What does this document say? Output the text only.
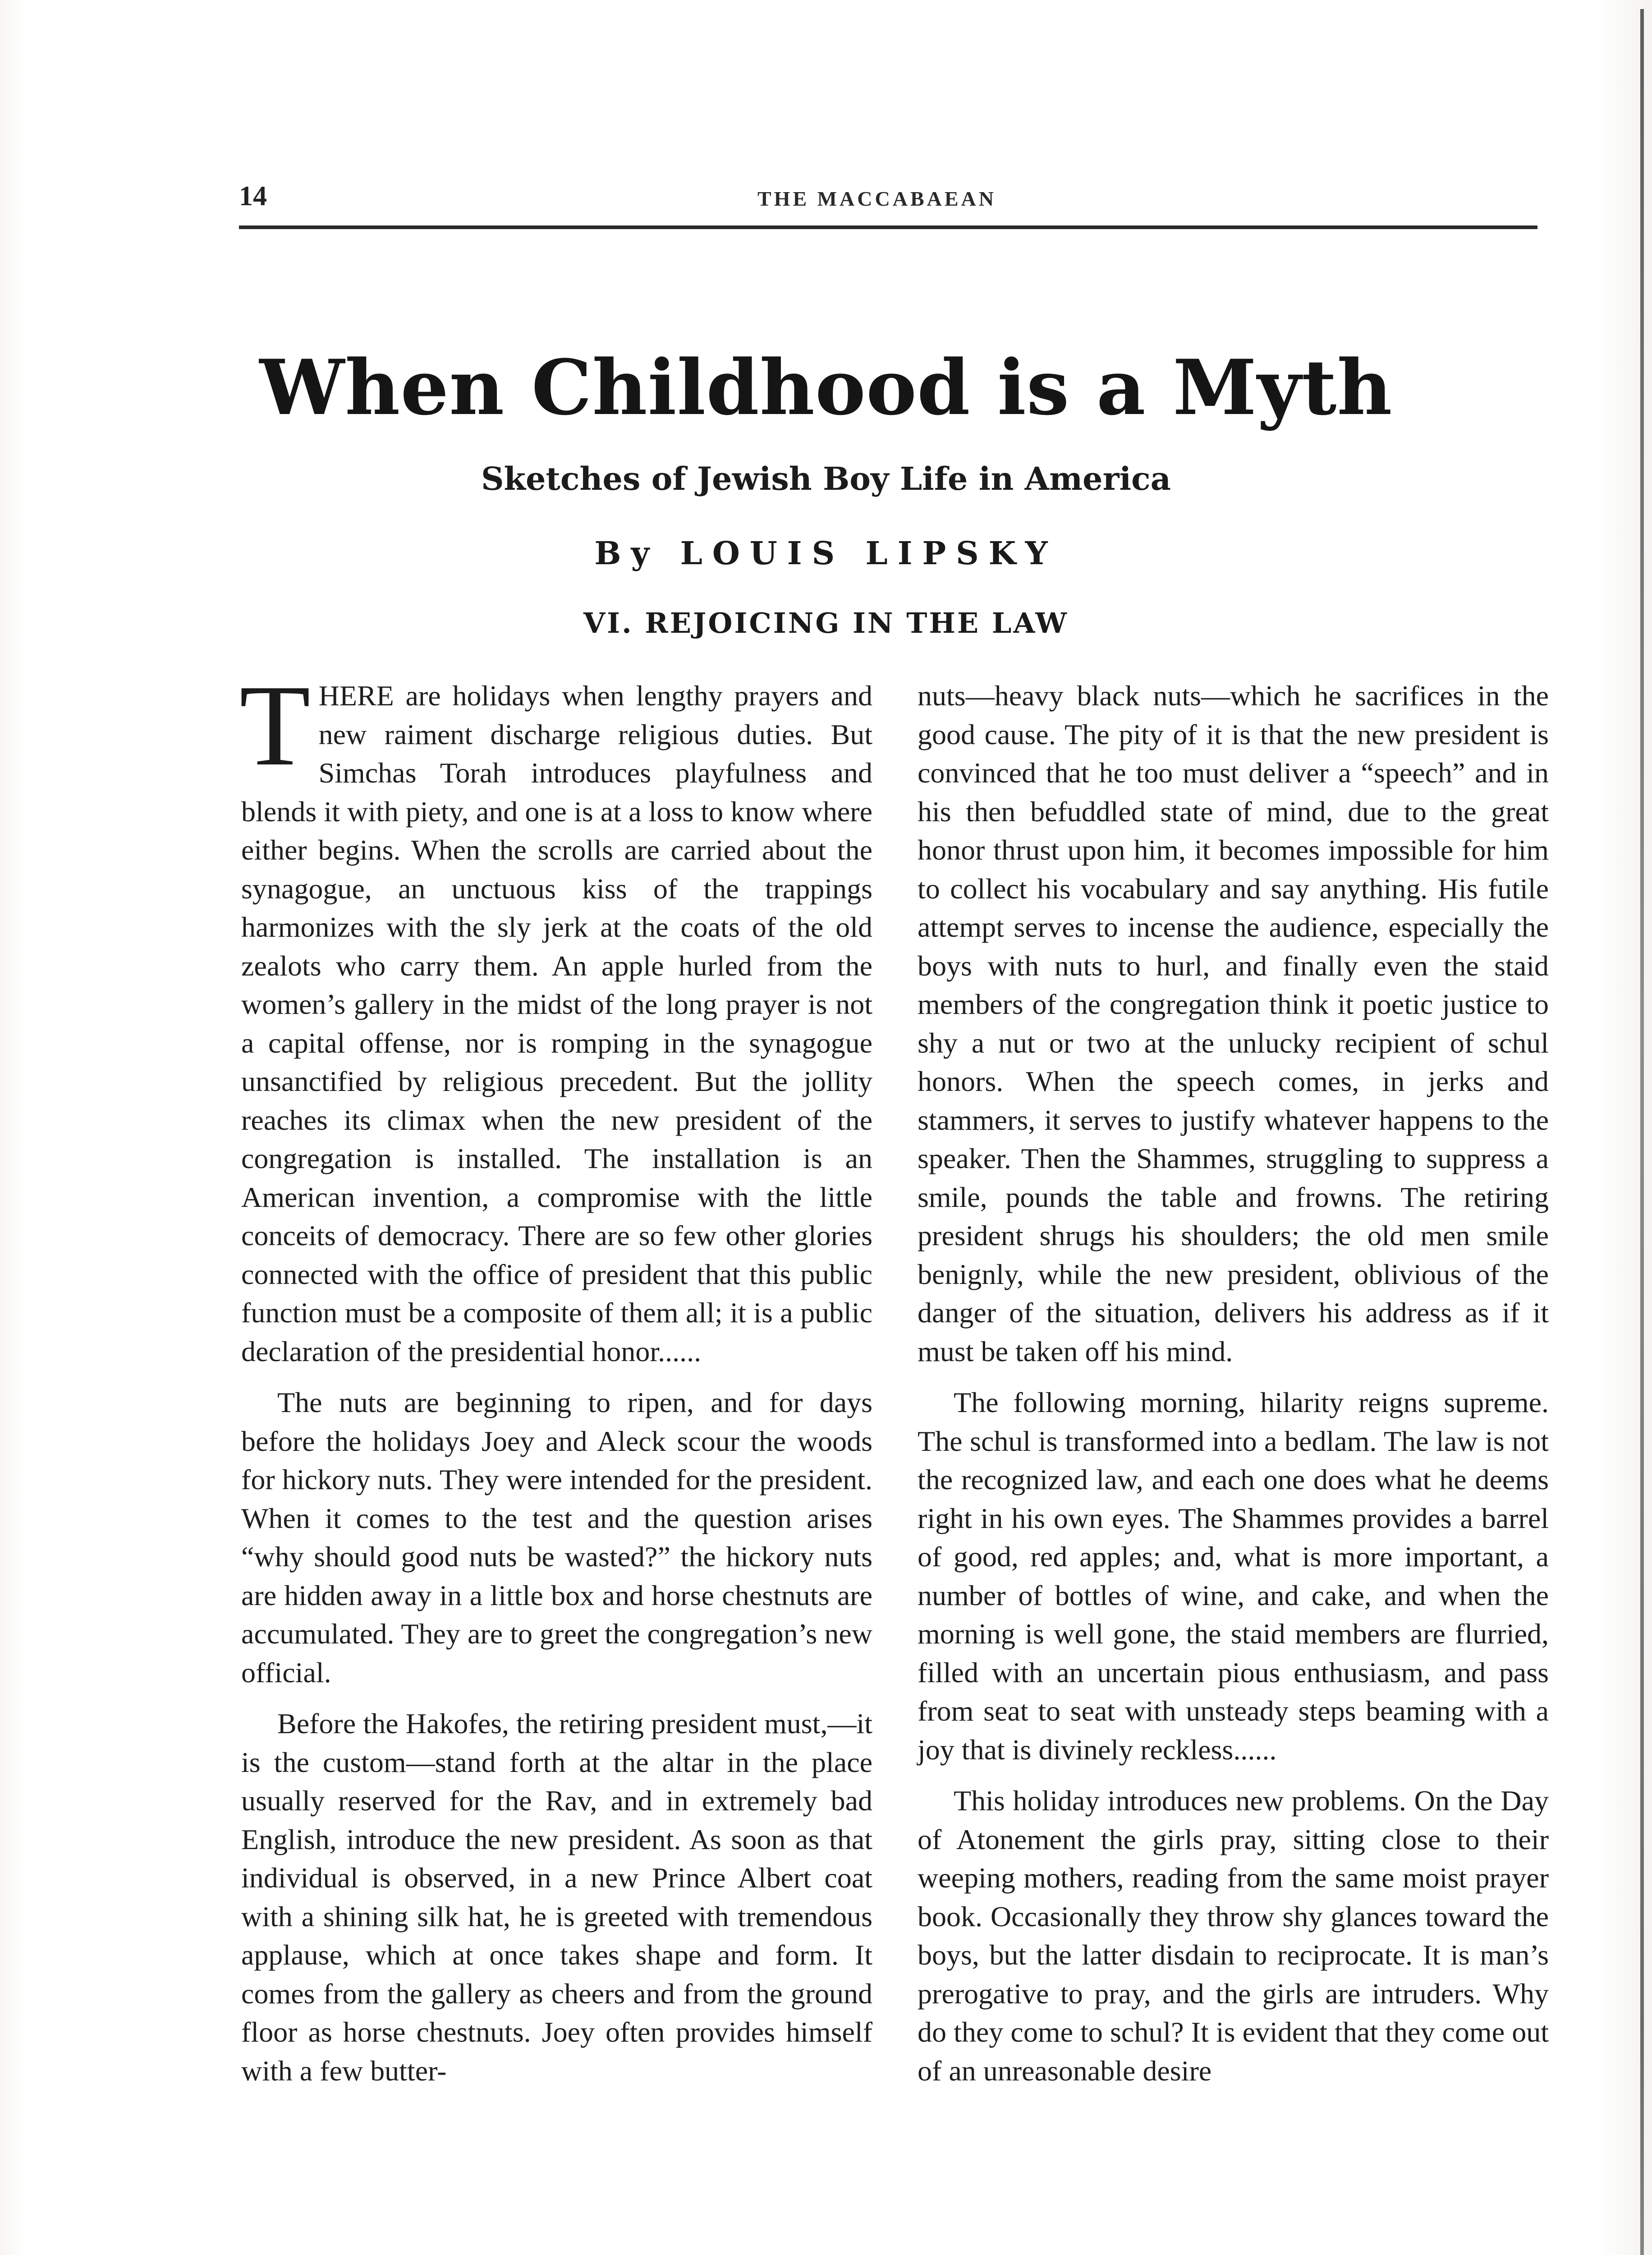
14	THE MACCABAEAN
When Childhood is a Myth
Sketches of Jewish Boy Life in America
By LOUIS LIPSKY
VI. REJOICING IN THE LAW

THERE are holidays when lengthy prayers and new raiment discharge religious duties. But Simchas Torah introduces playfulness and blends it with piety, and one is at a loss to know where either begins. When the scrolls are carried about the synagogue, an unctuous kiss of the trappings harmonizes with the sly jerk at the coats of the old zealots who carry them. An apple hurled from the women’s gallery in the midst of the long prayer is not a capital offense, nor is romping in the synagogue unsanctified by religious precedent. But the jollity reaches its climax when the new president of the congregation is installed. The installation is an American invention, a compromise with the little conceits of democracy. There are so few other glories connected with the office of president that this public function must be a composite of them all; it is a public declaration of the presidential honor......

The nuts are beginning to ripen, and for days before the holidays Joey and Aleck scour the woods for hickory nuts. They were intended for the president. When it comes to the test and the question arises “why should good nuts be wasted?” the hickory nuts are hidden away in a little box and horse chestnuts are accumulated. They are to greet the congregation’s new official.

Before the Hakofes, the retiring president must,—it is the custom—stand forth at the altar in the place usually reserved for the Rav, and in extremely bad English, introduce the new president. As soon as that individual is observed, in a new Prince Albert coat with a shining silk hat, he is greeted with tremendous applause, which at once takes shape and form. It comes from the gallery as cheers and from the ground floor as horse chestnuts. Joey often provides himself with a few butter-

nuts—heavy black nuts—which he sacrifices in the good cause. The pity of it is that the new president is convinced that he too must deliver a “speech” and in his then befuddled state of mind, due to the great honor thrust upon him, it becomes impossible for him to collect his vocabulary and say anything. His futile attempt serves to incense the audience, especially the boys with nuts to hurl, and finally even the staid members of the congregation think it poetic justice to shy a nut or two at the unlucky recipient of schul honors. When the speech comes, in jerks and stammers, it serves to justify whatever happens to the speaker. Then the Shammes, struggling to suppress a smile, pounds the table and frowns. The retiring president shrugs his shoulders; the old men smile benignly, while the new president, oblivious of the danger of the situation, delivers his address as if it must be taken off his mind.

The following morning, hilarity reigns supreme. The schul is transformed into a bedlam. The law is not the recognized law, and each one does what he deems right in his own eyes. The Shammes provides a barrel of good, red apples; and, what is more important, a number of bottles of wine, and cake, and when the morning is well gone, the staid members are flurried, filled with an uncertain pious enthusiasm, and pass from seat to seat with unsteady steps beaming with a joy that is divinely reckless......

This holiday introduces new problems. On the Day of Atonement the girls pray, sitting close to their weeping mothers, reading from the same moist prayer book. Occasionally they throw shy glances toward the boys, but the latter disdain to reciprocate. It is man’s prerogative to pray, and the girls are intruders. Why do they come to schul? It is evident that they come out of an unreasonable desire
